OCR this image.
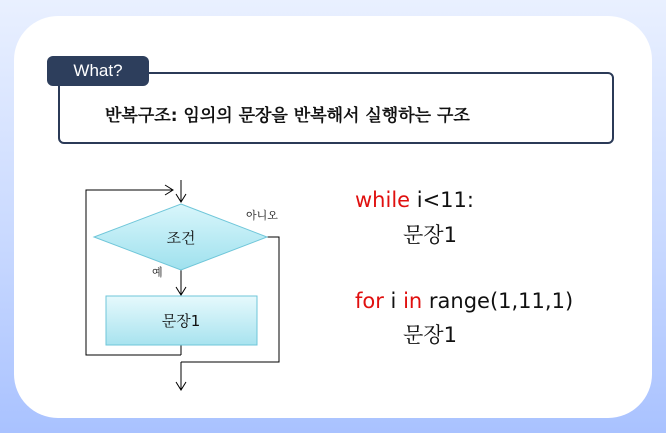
What?
반복구조: 임의의 문장을 반복해서 실행하는 구조
조건
문장1
예
아니오
while i<11:
문장1
for i in range(1,11,1)
문장1
